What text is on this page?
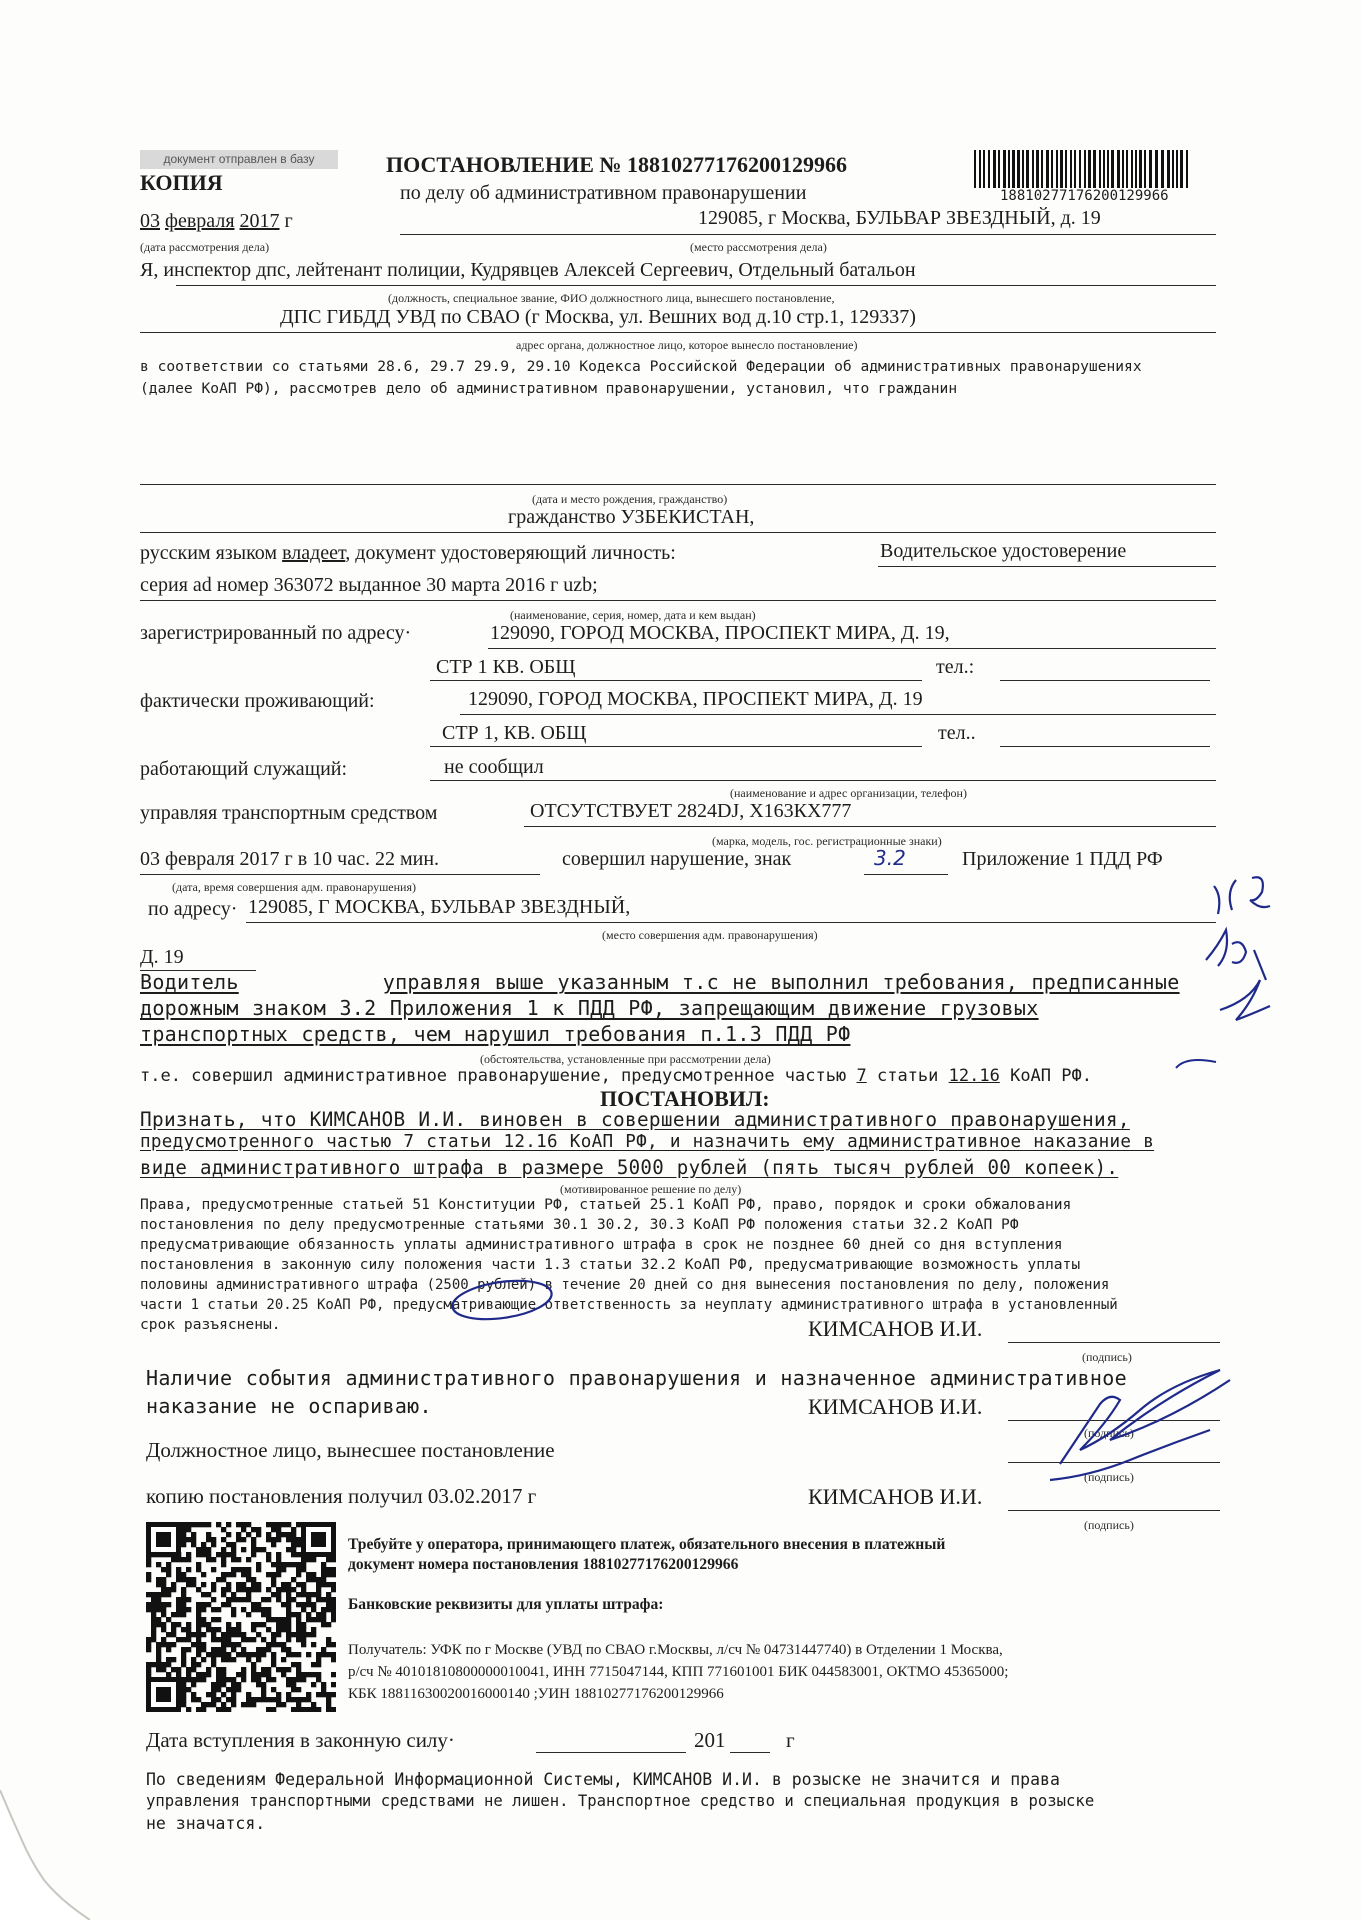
документ отправлен в базу
КОПИЯ
ПОСТАНОВЛЕНИЕ № 18810277176200129966
по делу об административном правонарушении	18810277176200129966
03 февраля 2017 г	129085, г Москва, БУЛЬВАР ЗВЕЗДНЫЙ, д. 19
(дата рассмотрения дела)	(место рассмотрения дела)
Я, инспектор дпс, лейтенант полиции, Кудрявцев Алексей Сергеевич, Отдельный батальон
(должность, специальное звание, ФИО должностного лица, вынесшего постановление,
ДПС ГИБДД УВД по СВАО (г Москва, ул. Вешних вод д.10 стр.1, 129337)
адрес органа, должностное лицо, которое вынесло постановление)
в соответствии со статьями 28.6, 29.7 29.9, 29.10 Кодекса Российской Федерации об административных правонарушениях
(далее КоАП РФ), рассмотрев дело об административном правонарушении, установил, что гражданин
(дата и место рождения, гражданство)
гражданство УЗБЕКИСТАН,
русским языком владеет, документ удостоверяющий личность:	Водительское удостоверение
серия ad номер 363072 выданное 30 марта 2016 г uzb;
(наименование, серия, номер, дата и кем выдан)
зарегистрированный по адресу·	129090, ГОРОД МОСКВА, ПРОСПЕКТ МИРА, Д. 19,
СТР 1 КВ. ОБЩ	тел.:
фактически проживающий:	129090, ГОРОД МОСКВА, ПРОСПЕКТ МИРА, Д. 19
СТР 1, КВ. ОБЩ	тел..
работающий служащий:	не сообщил
(наименование и адрес организации, телефон)
управляя транспортным средством	ОТСУТСТВУЕТ 2824DJ, Х163КХ777
(марка, модель, гос. регистрационные знаки)
03 февраля 2017 г в 10 час. 22 мин.	совершил нарушение, знак	3.2	Приложение 1 ПДД РФ
(дата, время совершения адм. правонарушения)
по адресу· 129085, Г МОСКВА, БУЛЬВАР ЗВЕЗДНЫЙ,
(место совершения адм. правонарушения)
Д. 19
Водитель	управляя выше указанным т.с не выполнил требования, предписанные
дорожным знаком 3.2 Приложения 1 к ПДД РФ, запрещающим движение грузовых
транспортных средств, чем нарушил требования п.1.3 ПДД РФ
(обстоятельства, установленные при рассмотрении дела)
т.е. совершил административное правонарушение, предусмотренное частью 7 статьи 12.16 КоАП РФ.
ПОСТАНОВИЛ:
Признать, что КИМСАНОВ И.И. виновен в совершении административного правонарушения,
предусмотренного частью 7 статьи 12.16 КоАП РФ, и назначить ему административное наказание в
виде административного штрафа в размере 5000 рублей (пять тысяч рублей 00 копеек).
(мотивированное решение по делу)
Права, предусмотренные статьей 51 Конституции РФ, статьей 25.1 КоАП РФ, право, порядок и сроки обжалования
постановления по делу предусмотренные статьями 30.1 30.2, 30.3 КоАП РФ положения статьи 32.2 КоАП РФ
предусматривающие обязанность уплаты административного штрафа в срок не позднее 60 дней со дня вступления
постановления в законную силу положения части 1.3 статьи 32.2 КоАП РФ, предусматривающие возможность уплаты
половины административного штрафа (2500 рублей) в течение 20 дней со дня вынесения постановления по делу, положения
части 1 статьи 20.25 КоАП РФ, предусматривающие ответственность за неуплату административного штрафа в установленный
срок разъяснены.	КИМСАНОВ И.И.
(подпись)
Наличие события административного правонарушения и назначенное административное
наказание не оспариваю.	КИМСАНОВ И.И.
(подпись)
Должностное лицо, вынесшее постановление
(подпись)
копию постановления получил 03.02.2017 г	КИМСАНОВ И.И.
(подпись)
Требуйте у оператора, принимающего платеж, обязательного внесения в платежный
документ номера постановления 18810277176200129966
Банковские реквизиты для уплаты штрафа:
Получатель: УФК по г Москве (УВД по СВАО г.Москвы, л/сч № 04731447740) в Отделении 1 Москва,
р/сч № 40101810800000010041, ИНН 7715047144, КПП 771601001 БИК 044583001, ОКТМО 45365000;
КБК 18811630020016000140 ;УИН 18810277176200129966
Дата вступления в законную силу·	201	г
По сведениям Федеральной Информационной Системы, КИМСАНОВ И.И. в розыске не значится и права
управления транспортными средствами не лишен. Транспортное средство и специальная продукция в розыске
не значатся.
